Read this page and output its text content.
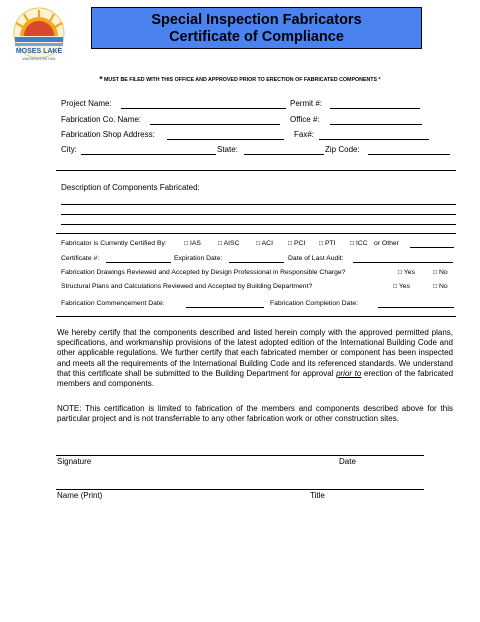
MOSES LAKE
WASHINGTON USA
Special Inspection Fabricators
Certificate of Compliance
* MUST BE FILED WITH THIS OFFICE AND APPROVED PRIOR TO ERECTION OF FABRICATED COMPONENTS *
Project Name:	Permit #:
Fabrication Co. Name:	Office #:
Fabrication Shop Address:	Fax#:
City:	State:	Zip Code:
Description of Components Fabricated:
Fabricator is Currently Certified By:	□ IAS	□ AISC □ ACI □ PCI □ PTI □ ICC or Other
Certificate #:	Expiration Date:	Date of Last Audit:
Fabrication Drawings Reviewed and Accepted by Design Professional in Responsible Charge?	□ Yes	□ No
Structural Plans and Calculations Reviewed and Accepted by Building Department?	□ Yes	□ No
Fabrication Commencement Date:	Fabrication Completion Date:
We hereby certify that the components described and listed herein comply with the approved permitted plans, specifications, and workmanship provisions of the latest adopted edition of the International Building Code and other applicable regulations. We further certify that each fabricated member or component has been inspected and meets all the requirements of the International Building Code and its referenced standards. We understand that this certificate shall be submitted to the Building Department for approval prior to erection of the fabricated members and components.
NOTE: This certification is limited to fabrication of the members and components described above for this particular project and is not transferrable to any other fabrication work or other construction sites.
Signature	Date
Name (Print)	Title
